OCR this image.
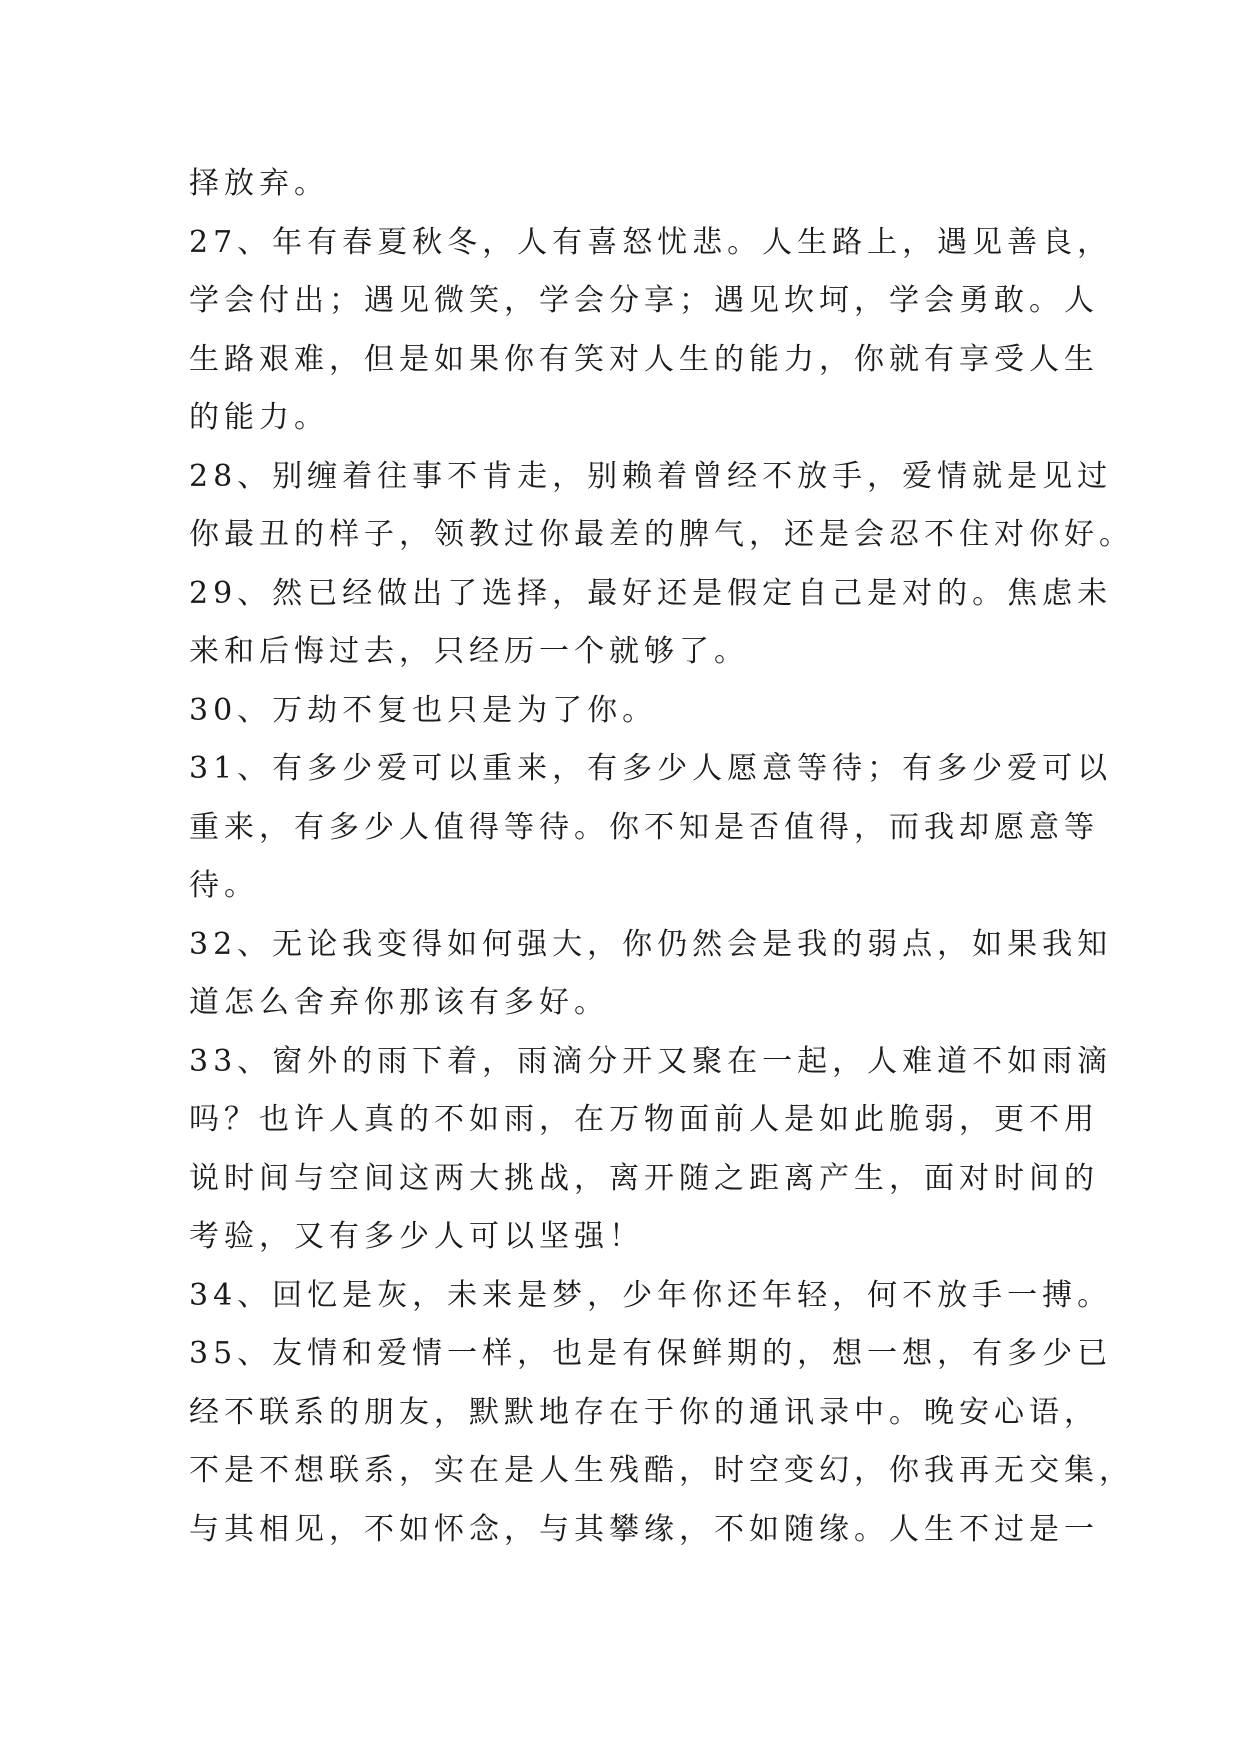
择放弃。
27、年有春夏秋冬，人有喜怒忧悲。人生路上，遇见善良，
学会付出；遇见微笑，学会分享；遇见坎坷，学会勇敢。人
生路艰难，但是如果你有笑对人生的能力，你就有享受人生
的能力。
28、别缠着往事不肯走，别赖着曾经不放手，爱情就是见过
你最丑的样子，领教过你最差的脾气，还是会忍不住对你好。
29、然已经做出了选择，最好还是假定自己是对的。焦虑未
来和后悔过去，只经历一个就够了。
30、万劫不复也只是为了你。
31、有多少爱可以重来，有多少人愿意等待；有多少爱可以
重来，有多少人值得等待。你不知是否值得，而我却愿意等
待。
32、无论我变得如何强大，你仍然会是我的弱点，如果我知
道怎么舍弃你那该有多好。
33、窗外的雨下着，雨滴分开又聚在一起，人难道不如雨滴
吗？也许人真的不如雨，在万物面前人是如此脆弱，更不用
说时间与空间这两大挑战，离开随之距离产生，面对时间的
考验，又有多少人可以坚强！
34、回忆是灰，未来是梦，少年你还年轻，何不放手一搏。
35、友情和爱情一样，也是有保鲜期的，想一想，有多少已
经不联系的朋友，默默地存在于你的通讯录中。晚安心语，
不是不想联系，实在是人生残酷，时空变幻，你我再无交集，
与其相见，不如怀念，与其攀缘，不如随缘。人生不过是一
